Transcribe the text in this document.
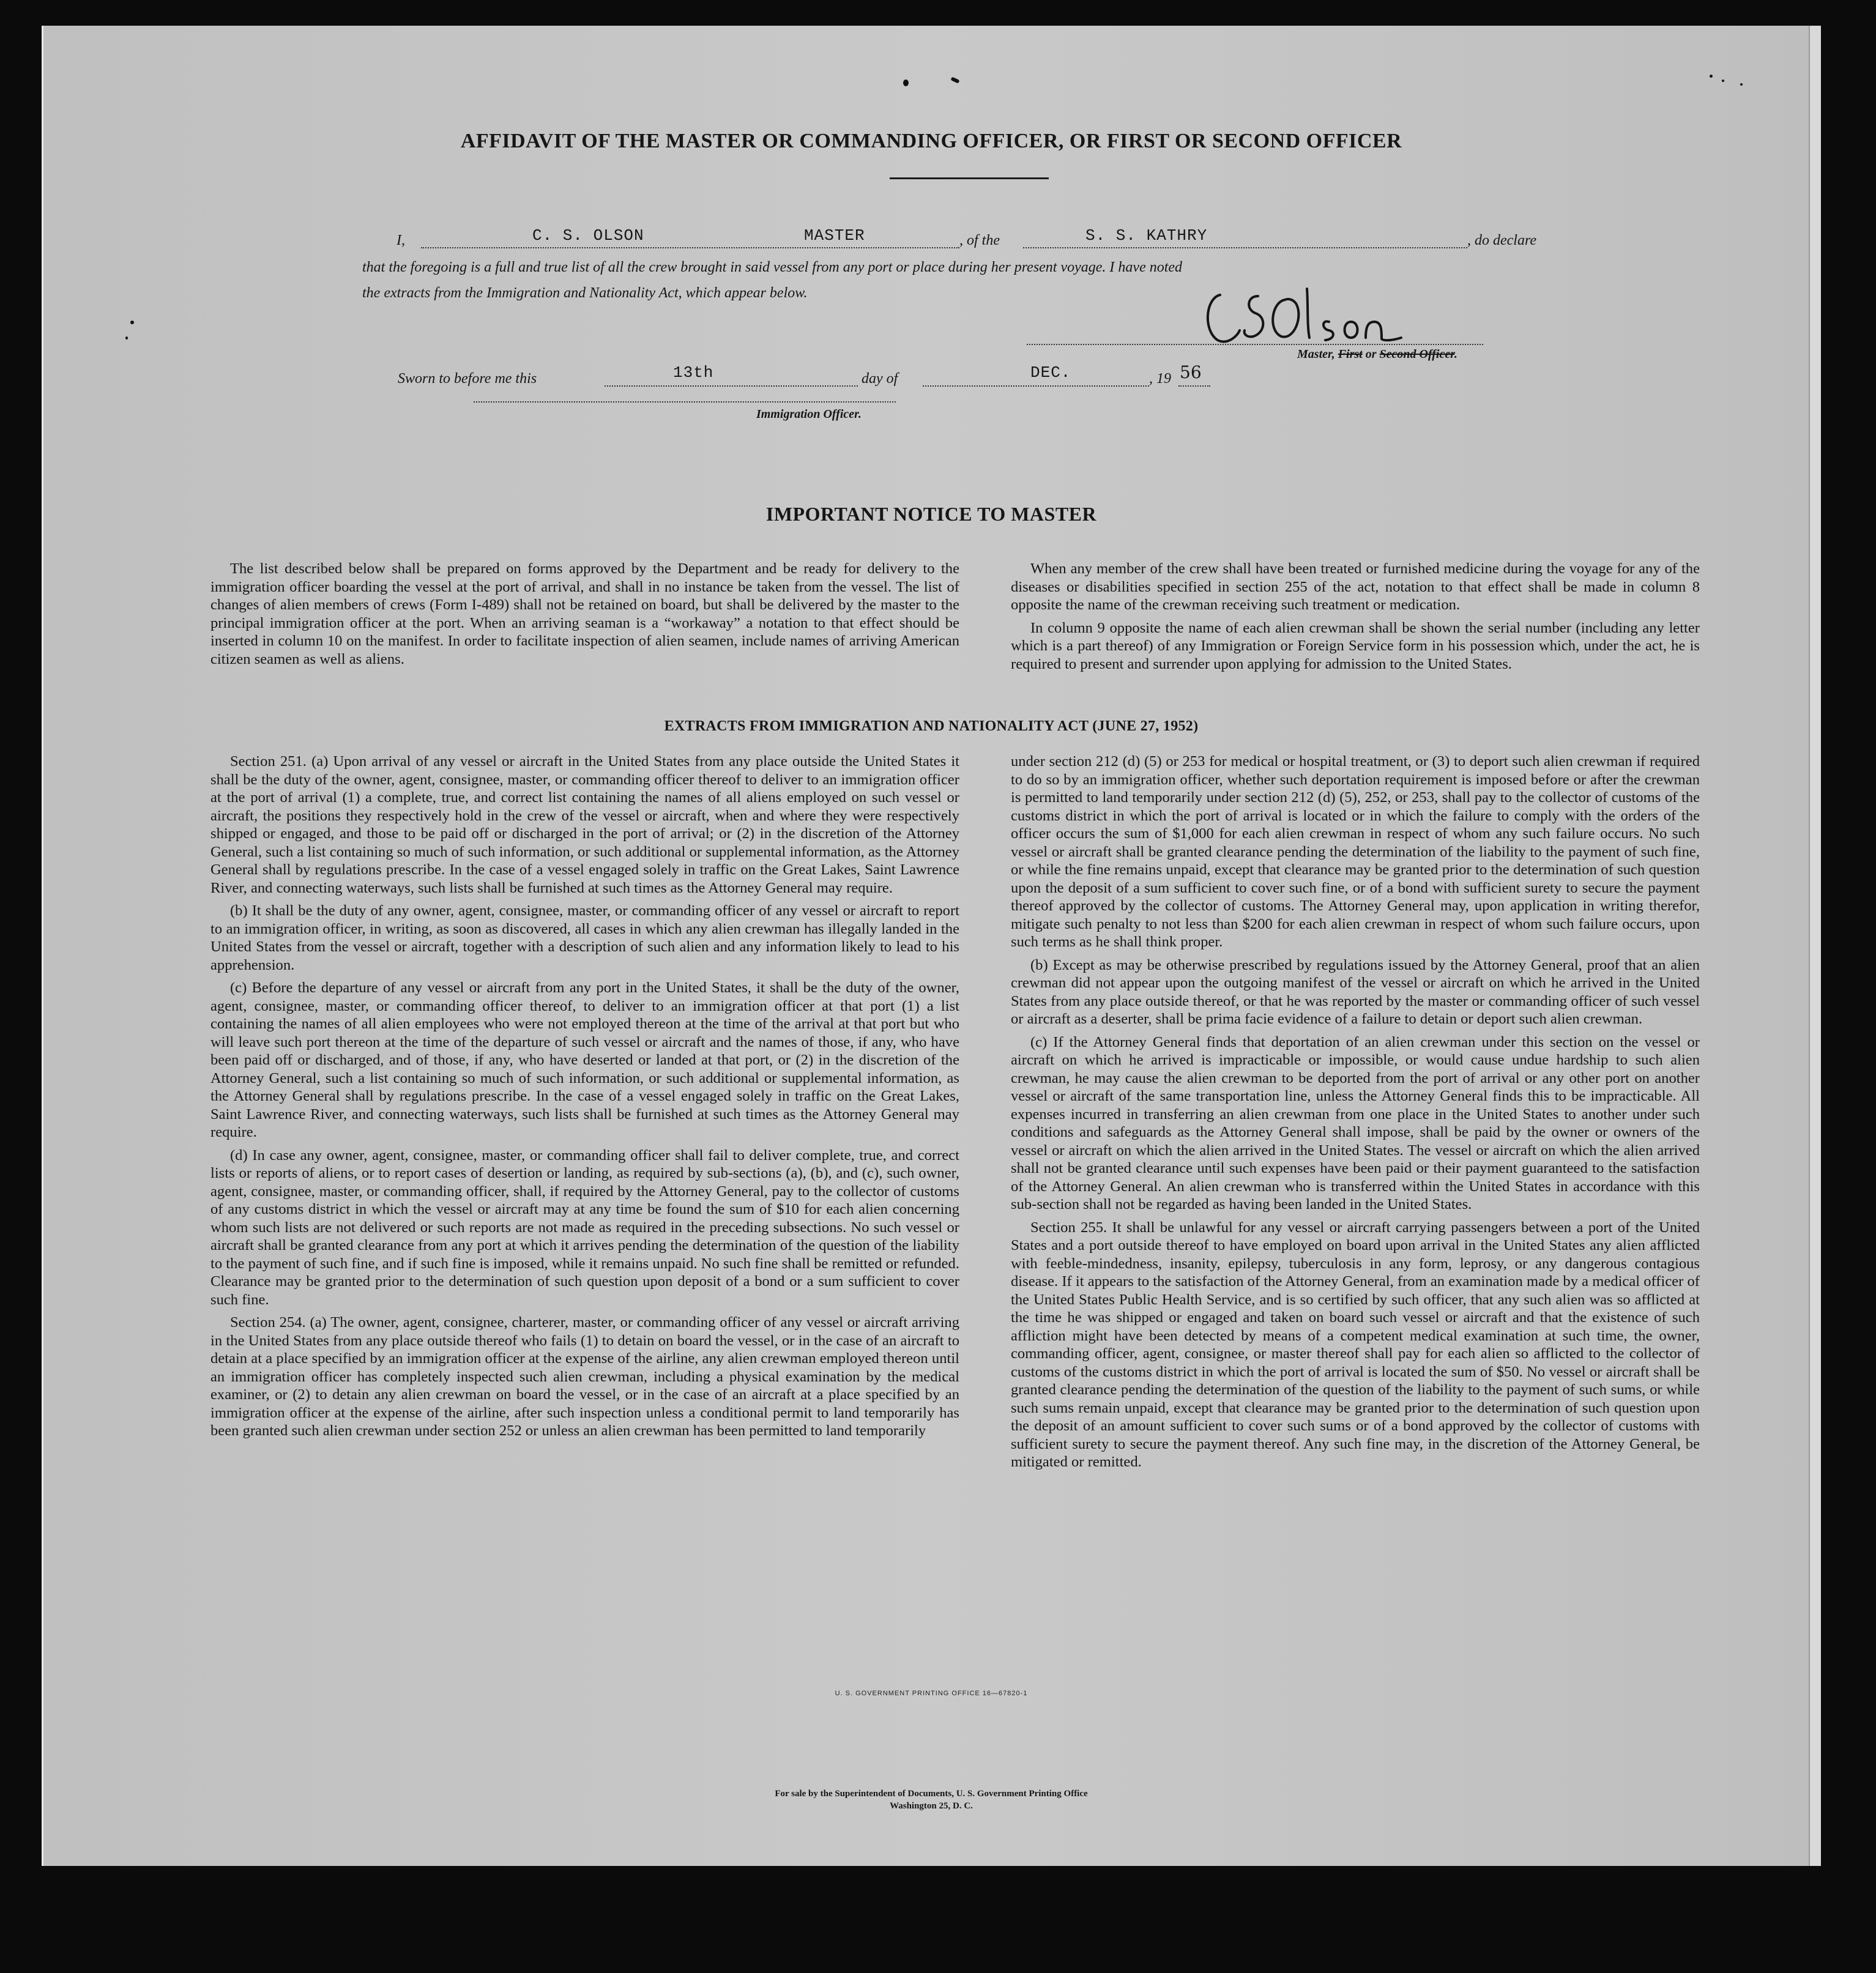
AFFIDAVIT OF THE MASTER OR COMMANDING OFFICER, OR FIRST OR SECOND OFFICER
I,	C. S. OLSON	MASTER	, of the	S. S. KATHRY	, do declare
that the foregoing is a full and true list of all the crew brought in said vessel from any port or place during her present voyage. I have noted
the extracts from the Immigration and Nationality Act, which appear below.
Master, First or Second Officer.
Sworn to before me this	13th	day of	DEC.	, 19 56
Immigration Officer.
IMPORTANT NOTICE TO MASTER

The list described below shall be prepared on forms approved by the Department and be ready for delivery to the immigration officer boarding the vessel at the port of arrival, and shall in no instance be taken from the vessel. The list of changes of alien members of crews (Form I-489) shall not be retained on board, but shall be delivered by the master to the principal immigration officer at the port. When an arriving seaman is a “workaway” a notation to that effect should be inserted in column 10 on the manifest. In order to facilitate inspection of alien seamen, include names of arriving American citizen seamen as well as aliens.

When any member of the crew shall have been treated or furnished medicine during the voyage for any of the diseases or disabilities specified in section 255 of the act, notation to that effect shall be made in column 8 opposite the name of the crewman receiving such treatment or medication.

In column 9 opposite the name of each alien crewman shall be shown the serial number (including any letter which is a part thereof) of any Immigration or Foreign Service form in his possession which, under the act, he is required to present and surrender upon applying for admission to the United States.

EXTRACTS FROM IMMIGRATION AND NATIONALITY ACT (JUNE 27, 1952)

Section 251. (a) Upon arrival of any vessel or aircraft in the United States from any place outside the United States it shall be the duty of the owner, agent, consignee, master, or commanding officer thereof to deliver to an immigration officer at the port of arrival (1) a complete, true, and correct list containing the names of all aliens employed on such vessel or aircraft, the positions they respectively hold in the crew of the vessel or aircraft, when and where they were respectively shipped or engaged, and those to be paid off or discharged in the port of arrival; or (2) in the discretion of the Attorney General, such a list containing so much of such information, or such additional or supplemental information, as the Attorney General shall by regulations prescribe. In the case of a vessel engaged solely in traffic on the Great Lakes, Saint Lawrence River, and connecting waterways, such lists shall be furnished at such times as the Attorney General may require.

(b) It shall be the duty of any owner, agent, consignee, master, or commanding officer of any vessel or aircraft to report to an immigration officer, in writing, as soon as discovered, all cases in which any alien crewman has illegally landed in the United States from the vessel or aircraft, together with a description of such alien and any information likely to lead to his apprehension.

(c) Before the departure of any vessel or aircraft from any port in the United States, it shall be the duty of the owner, agent, consignee, master, or commanding officer thereof, to deliver to an immigration officer at that port (1) a list containing the names of all alien employees who were not employed thereon at the time of the arrival at that port but who will leave such port thereon at the time of the departure of such vessel or aircraft and the names of those, if any, who have been paid off or discharged, and of those, if any, who have deserted or landed at that port, or (2) in the discretion of the Attorney General, such a list containing so much of such information, or such additional or supplemental information, as the Attorney General shall by regulations prescribe. In the case of a vessel engaged solely in traffic on the Great Lakes, Saint Lawrence River, and connecting waterways, such lists shall be furnished at such times as the Attorney General may require.

(d) In case any owner, agent, consignee, master, or commanding officer shall fail to deliver complete, true, and correct lists or reports of aliens, or to report cases of desertion or landing, as required by sub-sections (a), (b), and (c), such owner, agent, consignee, master, or commanding officer, shall, if required by the Attorney General, pay to the collector of customs of any customs district in which the vessel or aircraft may at any time be found the sum of $10 for each alien concerning whom such lists are not delivered or such reports are not made as required in the preceding subsections. No such vessel or aircraft shall be granted clearance from any port at which it arrives pending the determination of the question of the liability to the payment of such fine, and if such fine is imposed, while it remains unpaid. No such fine shall be remitted or refunded. Clearance may be granted prior to the determination of such question upon deposit of a bond or a sum sufficient to cover such fine.

Section 254. (a) The owner, agent, consignee, charterer, master, or commanding officer of any vessel or aircraft arriving in the United States from any place outside thereof who fails (1) to detain on board the vessel, or in the case of an aircraft to detain at a place specified by an immigration officer at the expense of the airline, any alien crewman employed thereon until an immigration officer has completely inspected such alien crewman, including a physical examination by the medical examiner, or (2) to detain any alien crewman on board the vessel, or in the case of an aircraft at a place specified by an immigration officer at the expense of the airline, after such inspection unless a conditional permit to land temporarily has been granted such alien crewman under section 252 or unless an alien crewman has been permitted to land temporarily

under section 212 (d) (5) or 253 for medical or hospital treatment, or (3) to deport such alien crewman if required to do so by an immigration officer, whether such deportation requirement is imposed before or after the crewman is permitted to land temporarily under section 212 (d) (5), 252, or 253, shall pay to the collector of customs of the customs district in which the port of arrival is located or in which the failure to comply with the orders of the officer occurs the sum of $1,000 for each alien crewman in respect of whom any such failure occurs. No such vessel or aircraft shall be granted clearance pending the determination of the liability to the payment of such fine, or while the fine remains unpaid, except that clearance may be granted prior to the determination of such question upon the deposit of a sum sufficient to cover such fine, or of a bond with sufficient surety to secure the payment thereof approved by the collector of customs. The Attorney General may, upon application in writing therefor, mitigate such penalty to not less than $200 for each alien crewman in respect of whom such failure occurs, upon such terms as he shall think proper.

(b) Except as may be otherwise prescribed by regulations issued by the Attorney General, proof that an alien crewman did not appear upon the outgoing manifest of the vessel or aircraft on which he arrived in the United States from any place outside thereof, or that he was reported by the master or commanding officer of such vessel or aircraft as a deserter, shall be prima facie evidence of a failure to detain or deport such alien crewman.

(c) If the Attorney General finds that deportation of an alien crewman under this section on the vessel or aircraft on which he arrived is impracticable or impossible, or would cause undue hardship to such alien crewman, he may cause the alien crewman to be deported from the port of arrival or any other port on another vessel or aircraft of the same transportation line, unless the Attorney General finds this to be impracticable. All expenses incurred in transferring an alien crewman from one place in the United States to another under such conditions and safeguards as the Attorney General shall impose, shall be paid by the owner or owners of the vessel or aircraft on which the alien arrived in the United States. The vessel or aircraft on which the alien arrived shall not be granted clearance until such expenses have been paid or their payment guaranteed to the satisfaction of the Attorney General. An alien crewman who is transferred within the United States in accordance with this sub-section shall not be regarded as having been landed in the United States.

Section 255. It shall be unlawful for any vessel or aircraft carrying passengers between a port of the United States and a port outside thereof to have employed on board upon arrival in the United States any alien afflicted with feeble-mindedness, insanity, epilepsy, tuberculosis in any form, leprosy, or any dangerous contagious disease. If it appears to the satisfaction of the Attorney General, from an examination made by a medical officer of the United States Public Health Service, and is so certified by such officer, that any such alien was so afflicted at the time he was shipped or engaged and taken on board such vessel or aircraft and that the existence of such affliction might have been detected by means of a competent medical examination at such time, the owner, commanding officer, agent, consignee, or master thereof shall pay for each alien so afflicted to the collector of customs of the customs district in which the port of arrival is located the sum of $50. No vessel or aircraft shall be granted clearance pending the determination of the question of the liability to the payment of such sums, or while such sums remain unpaid, except that clearance may be granted prior to the determination of such question upon the deposit of an amount sufficient to cover such sums or of a bond approved by the collector of customs with sufficient surety to secure the payment thereof. Any such fine may, in the discretion of the Attorney General, be mitigated or remitted.

U. S. GOVERNMENT PRINTING OFFICE 16—67820-1
For sale by the Superintendent of Documents, U. S. Government Printing Office
Washington 25, D. C.
